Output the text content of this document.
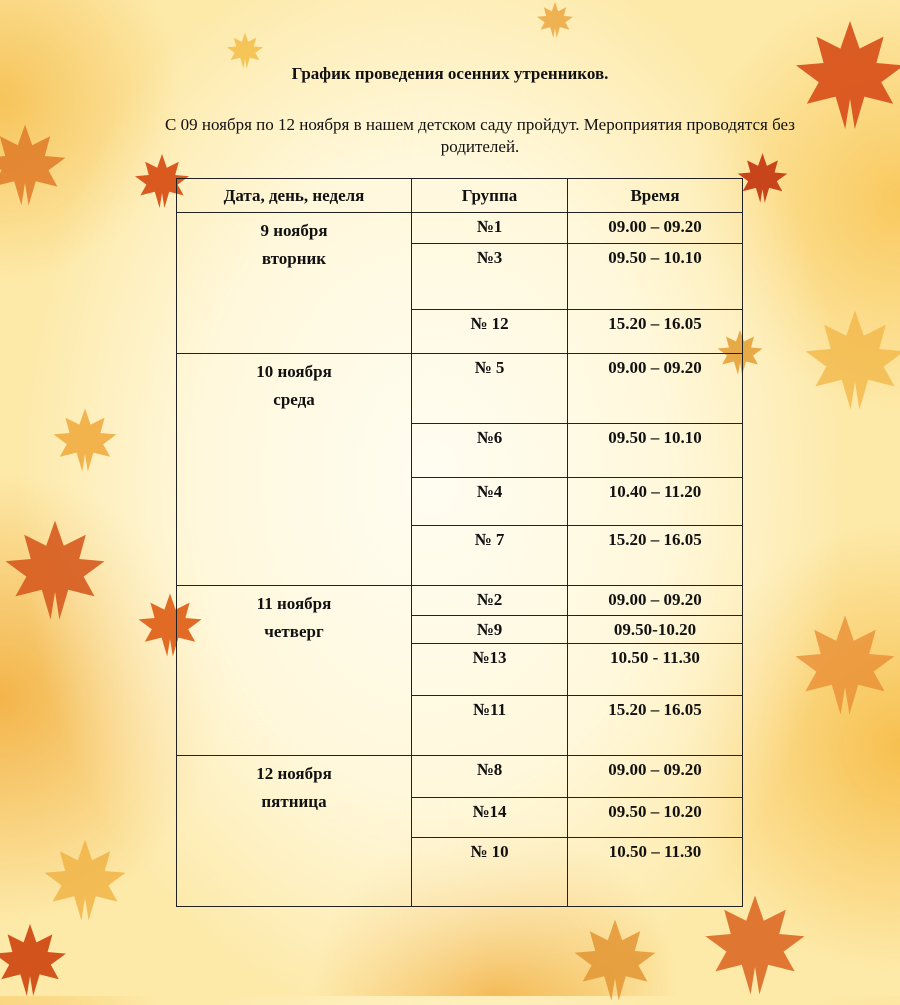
График проведения осенних утренников.
С 09 ноября по 12 ноября в нашем детском саду пройдут. Мероприятия проводятся без родителей.
Дата, день, неделя	Группа	Время

9 ноября
вторник	№1	09.00 – 09.20
	№3	09.50 – 10.10
	№ 12	15.20 – 16.05

10 ноября
среда	№ 5	09.00 – 09.20
	№6	09.50 – 10.10
	№4	10.40 – 11.20
	№ 7	15.20 – 16.05

11 ноября
четверг	№2	09.00 – 09.20
	№9	09.50-10.20
	№13	10.50 - 11.30
	№11	15.20 – 16.05

12 ноября
пятница	№8	09.00 – 09.20
	№14	09.50 – 10.20
	№ 10	10.50 – 11.30
